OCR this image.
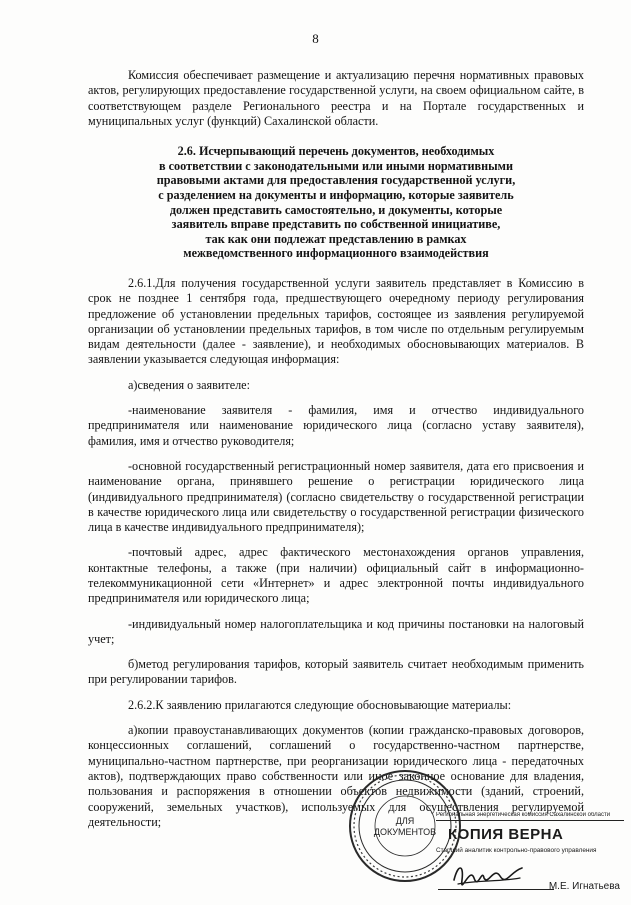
8

Комиссия обеспечивает размещение и актуализацию перечня нормативных правовых актов, регулирующих предоставление государственной услуги, на своем официальном сайте, в соответствующем разделе Регионального реестра и на Портале государственных и муниципальных услуг (функций) Сахалинской области.

2.6. Исчерпывающий перечень документов, необходимых
в соответствии с законодательными или иными нормативными
правовыми актами для предоставления государственной услуги,
с разделением на документы и информацию, которые заявитель
должен представить самостоятельно, и документы, которые
заявитель вправе представить по собственной инициативе,
так как они подлежат представлению в рамках
межведомственного информационного взаимодействия

2.6.1.Для получения государственной услуги заявитель представляет в Комиссию в срок не позднее 1 сентября года, предшествующего очередному периоду регулирования предложение об установлении предельных тарифов, состоящее из заявления регулируемой организации об установлении предельных тарифов, в том числе по отдельным регулируемым видам деятельности (далее - заявление), и необходимых обосновывающих материалов. В заявлении указывается следующая информация:

а)сведения о заявителе:

-наименование заявителя - фамилия, имя и отчество индивидуального предпринимателя или наименование юридического лица (согласно уставу заявителя), фамилия, имя и отчество руководителя;

-основной государственный регистрационный номер заявителя, дата его присвоения и наименование органа, принявшего решение о регистрации юридического лица (индивидуального предпринимателя) (согласно свидетельству о государственной регистрации в качестве юридического лица или свидетельству о государственной регистрации физического лица в качестве индивидуального предпринимателя);

-почтовый адрес, адрес фактического местонахождения органов управления, контактные телефоны, а также (при наличии) официальный сайт в информационно-телекоммуникационной сети «Интернет» и адрес электронной почты индивидуального предпринимателя или юридического лица;

-индивидуальный номер налогоплательщика и код причины постановки на налоговый учет;

б)метод регулирования тарифов, который заявитель считает необходимым применить при регулировании тарифов.

2.6.2.К заявлению прилагаются следующие обосновывающие материалы:

а)копии правоустанавливающих документов (копии гражданско-правовых договоров, концессионных соглашений, соглашений о государственно-частном партнерстве, муниципально-частном партнерстве, при реорганизации юридического лица - передаточных актов), подтверждающих право собственности или иное законное основание для владения, пользования и распоряжения в отношении объектов недвижимости (зданий, строений, сооружений, земельных участков), используемых для осуществления регулируемой деятельности;	ДЛЯ
ДОКУМЕНТОВ
Региональная энергетическая комиссия Сахалинской области
КОПИЯ ВЕРНА
Старший аналитик контрольно-правового управления
М.Е. Игнатьева
